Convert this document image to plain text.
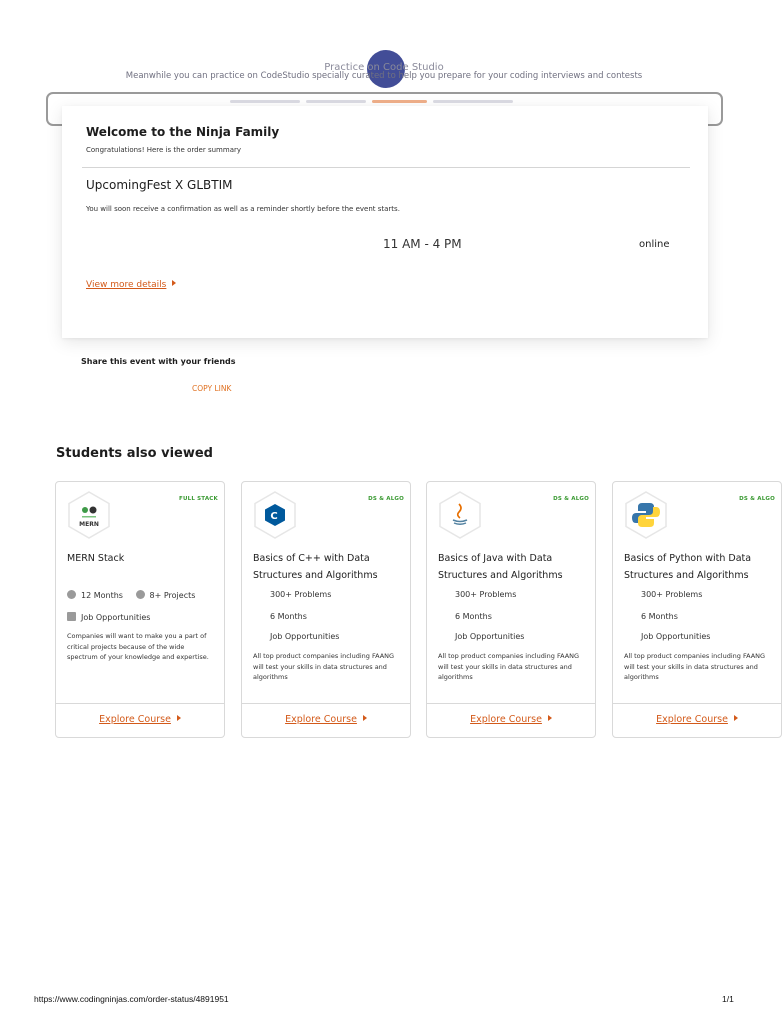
Practice on Code Studio
Meanwhile you can practice on CodeStudio specially curated to help you prepare for your coding interviews and contests
Welcome to the Ninja Family
Congratulations! Here is the order summary
UpcomingFest X GLBTIM
You will soon receive a confirmation as well as a reminder shortly before the event starts.
11 AM - 4 PM	online
View more details
Share this event with your friends
COPY LINK
Students also viewed
MERN
FULL STACK
MERN Stack
12 Months	8+ Projects
Job Opportunities
Companies will want to make you a part of critical projects because of the wide spectrum of your knowledge and expertise.
Explore Course
C
DS & ALGO
Basics of C++ with Data Structures and Algorithms
300+ Problems
6 Months
Job Opportunities
All top product companies including FAANG will test your skills in data structures and algorithms
Explore Course
DS & ALGO
Basics of Java with Data Structures and Algorithms
300+ Problems
6 Months
Job Opportunities
All top product companies including FAANG will test your skills in data structures and algorithms
Explore Course
DS & ALGO
Basics of Python with Data Structures and Algorithms
300+ Problems
6 Months
Job Opportunities
All top product companies including FAANG will test your skills in data structures and algorithms
Explore Course
https://www.codingninjas.com/order-status/4891951	1/1
